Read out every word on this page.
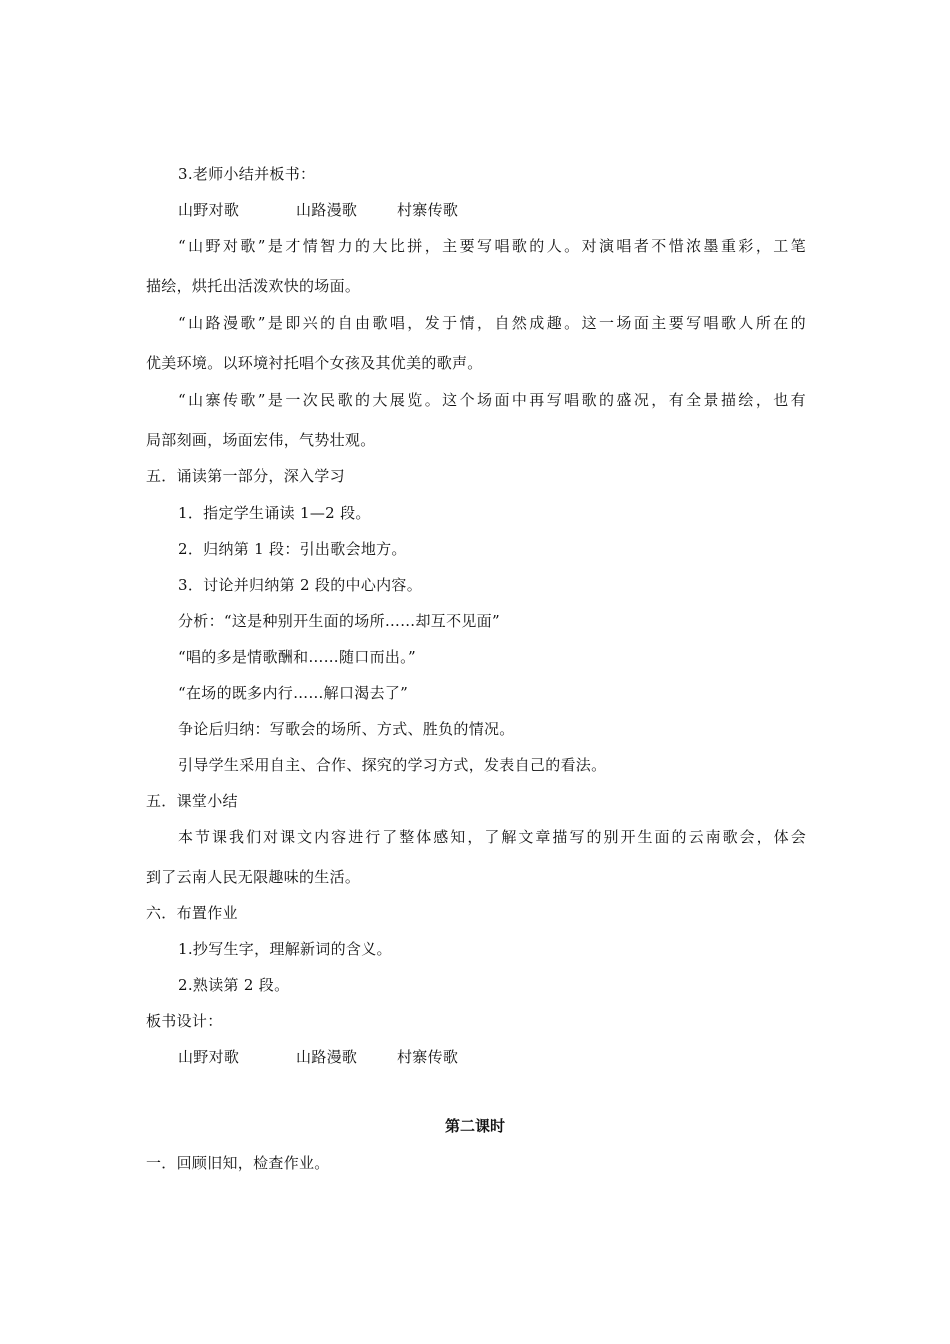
3.老师小结并板书：
山野对歌	山路漫歌	村寨传歌
“山野对歌”是才情智力的大比拼，主要写唱歌的人。对演唱者不惜浓墨重彩，工笔
描绘，烘托出活泼欢快的场面。
“山路漫歌”是即兴的自由歌唱，发于情，自然成趣。这一场面主要写唱歌人所在的
优美环境。以环境衬托唱个女孩及其优美的歌声。
“山寨传歌”是一次民歌的大展览。这个场面中再写唱歌的盛况，有全景描绘，也有
局部刻画，场面宏伟，气势壮观。
五．诵读第一部分，深入学习
1．指定学生诵读 1—2 段。
2．归纳第 1 段：引出歌会地方。
3．讨论并归纳第 2 段的中心内容。
分析：“这是种别开生面的场所……却互不见面”
“唱的多是情歌酬和……随口而出。”
“在场的既多内行……解口渴去了”
争论后归纳：写歌会的场所、方式、胜负的情况。
引导学生采用自主、合作、探究的学习方式，发表自己的看法。
五．课堂小结
本节课我们对课文内容进行了整体感知，了解文章描写的别开生面的云南歌会，体会
到了云南人民无限趣味的生活。
六．布置作业
1.抄写生字，理解新词的含义。
2.熟读第 2 段。
板书设计：
山野对歌	山路漫歌	村寨传歌
第二课时
一．回顾旧知，检查作业。
